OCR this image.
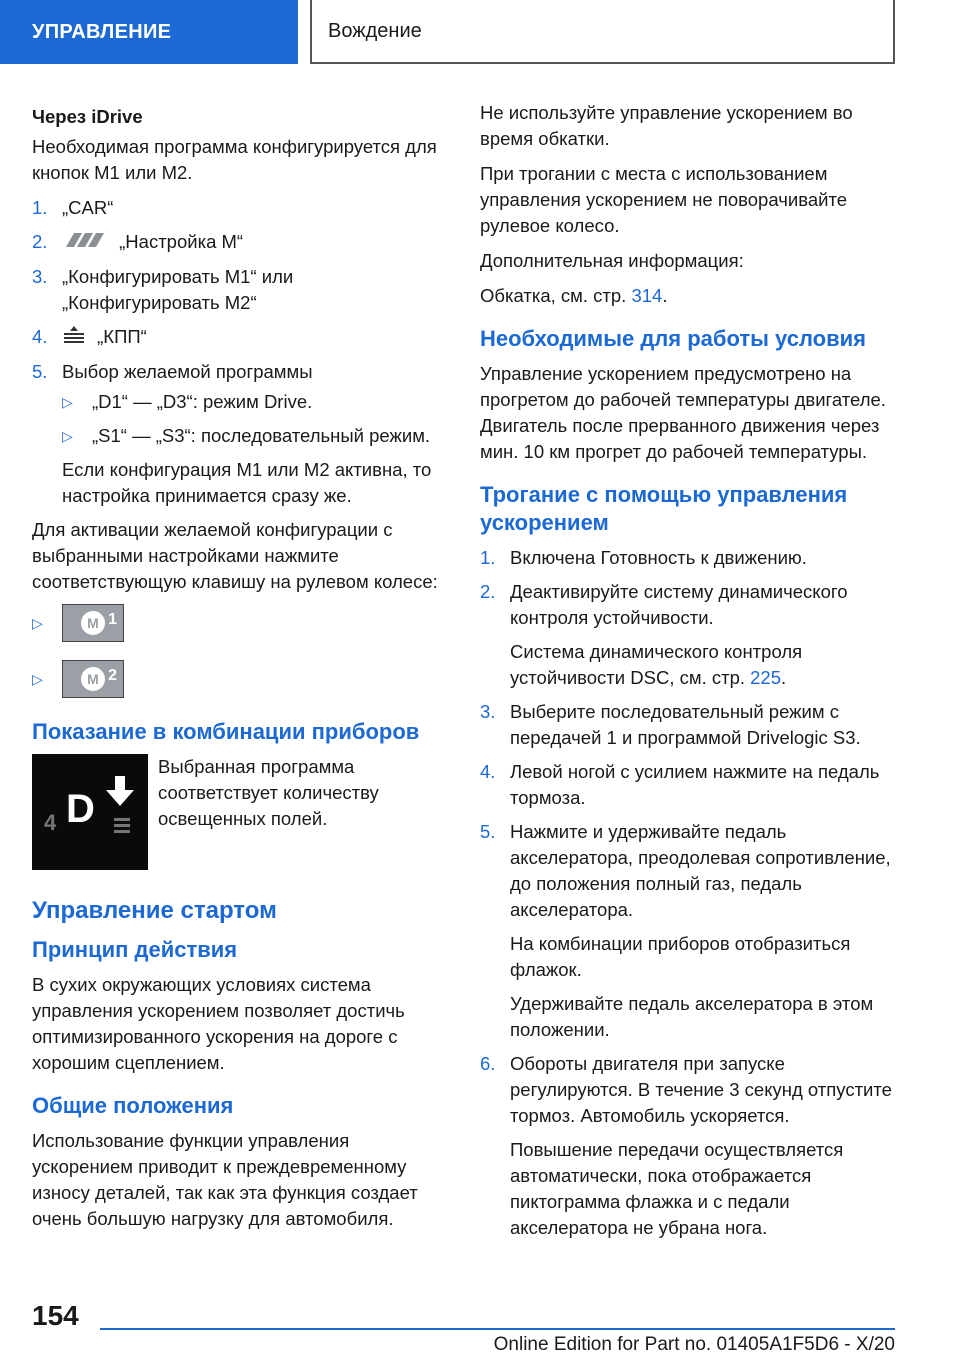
УПРАВЛЕНИЕ	Вождение

Через iDrive

Необходимая программа конфигурируется для кнопок M1 или M2.

1. „CAR“
2.	„Настройка M“
3. „Конфигурировать M1“ или „Конфигурировать M2“
4.	„КПП“
5. Выбор желаемой программы
▷ „D1“ — „D3“: режим Drive.
▷ „S1“ — „S3“: последовательный режим.
Если конфигурация M1 или M2 активна, то настройка принимается сразу же.

Для активации желаемой конфигурации с выбранными настройками нажмите соответствующую клавишу на рулевом колесе:

▷	M 1
▷	M 2
Показание в комбинации приборов
4 D
Выбранная программа соответствует количеству освещенных полей.
Управление стартом
Принцип действия

В сухих окружающих условиях система управления ускорением позволяет достичь оптимизированного ускорения на дороге с хорошим сцеплением.

Общие положения

Использование функции управления ускорением приводит к преждевременному износу деталей, так как эта функция создает очень большую нагрузку для автомобиля.

Не используйте управление ускорением во время обкатки.

При трогании с места с использованием управления ускорением не поворачивайте рулевое колесо.

Дополнительная информация:

Обкатка, см. стр. 314.

Необходимые для работы условия

Управление ускорением предусмотрено на прогретом до рабочей температуры двигателе. Двигатель после прерванного движения через мин. 10 км прогрет до рабочей температуры.

Трогание с помощью управления ускорением
1. Включена Готовность к движению.
2. Деактивируйте систему динамического контроля устойчивости.
Система динамического контроля устойчивости DSC, см. стр. 225.
3. Выберите последовательный режим с передачей 1 и программой Drivelogic S3.
4. Левой ногой с усилием нажмите на педаль тормоза.
5. Нажмите и удерживайте педаль акселератора, преодолевая сопротивление, до положения полный газ, педаль акселератора.
На комбинации приборов отобразиться флажок.
Удерживайте педаль акселератора в этом положении.
6. Обороты двигателя при запуске регулируются. В течение 3 секунд отпустите тормоз. Автомобиль ускоряется.
Повышение передачи осуществляется автоматически, пока отображается пиктограмма флажка и с педали акселератора не убрана нога.
154
Online Edition for Part no. 01405A1F5D6 - X/20
